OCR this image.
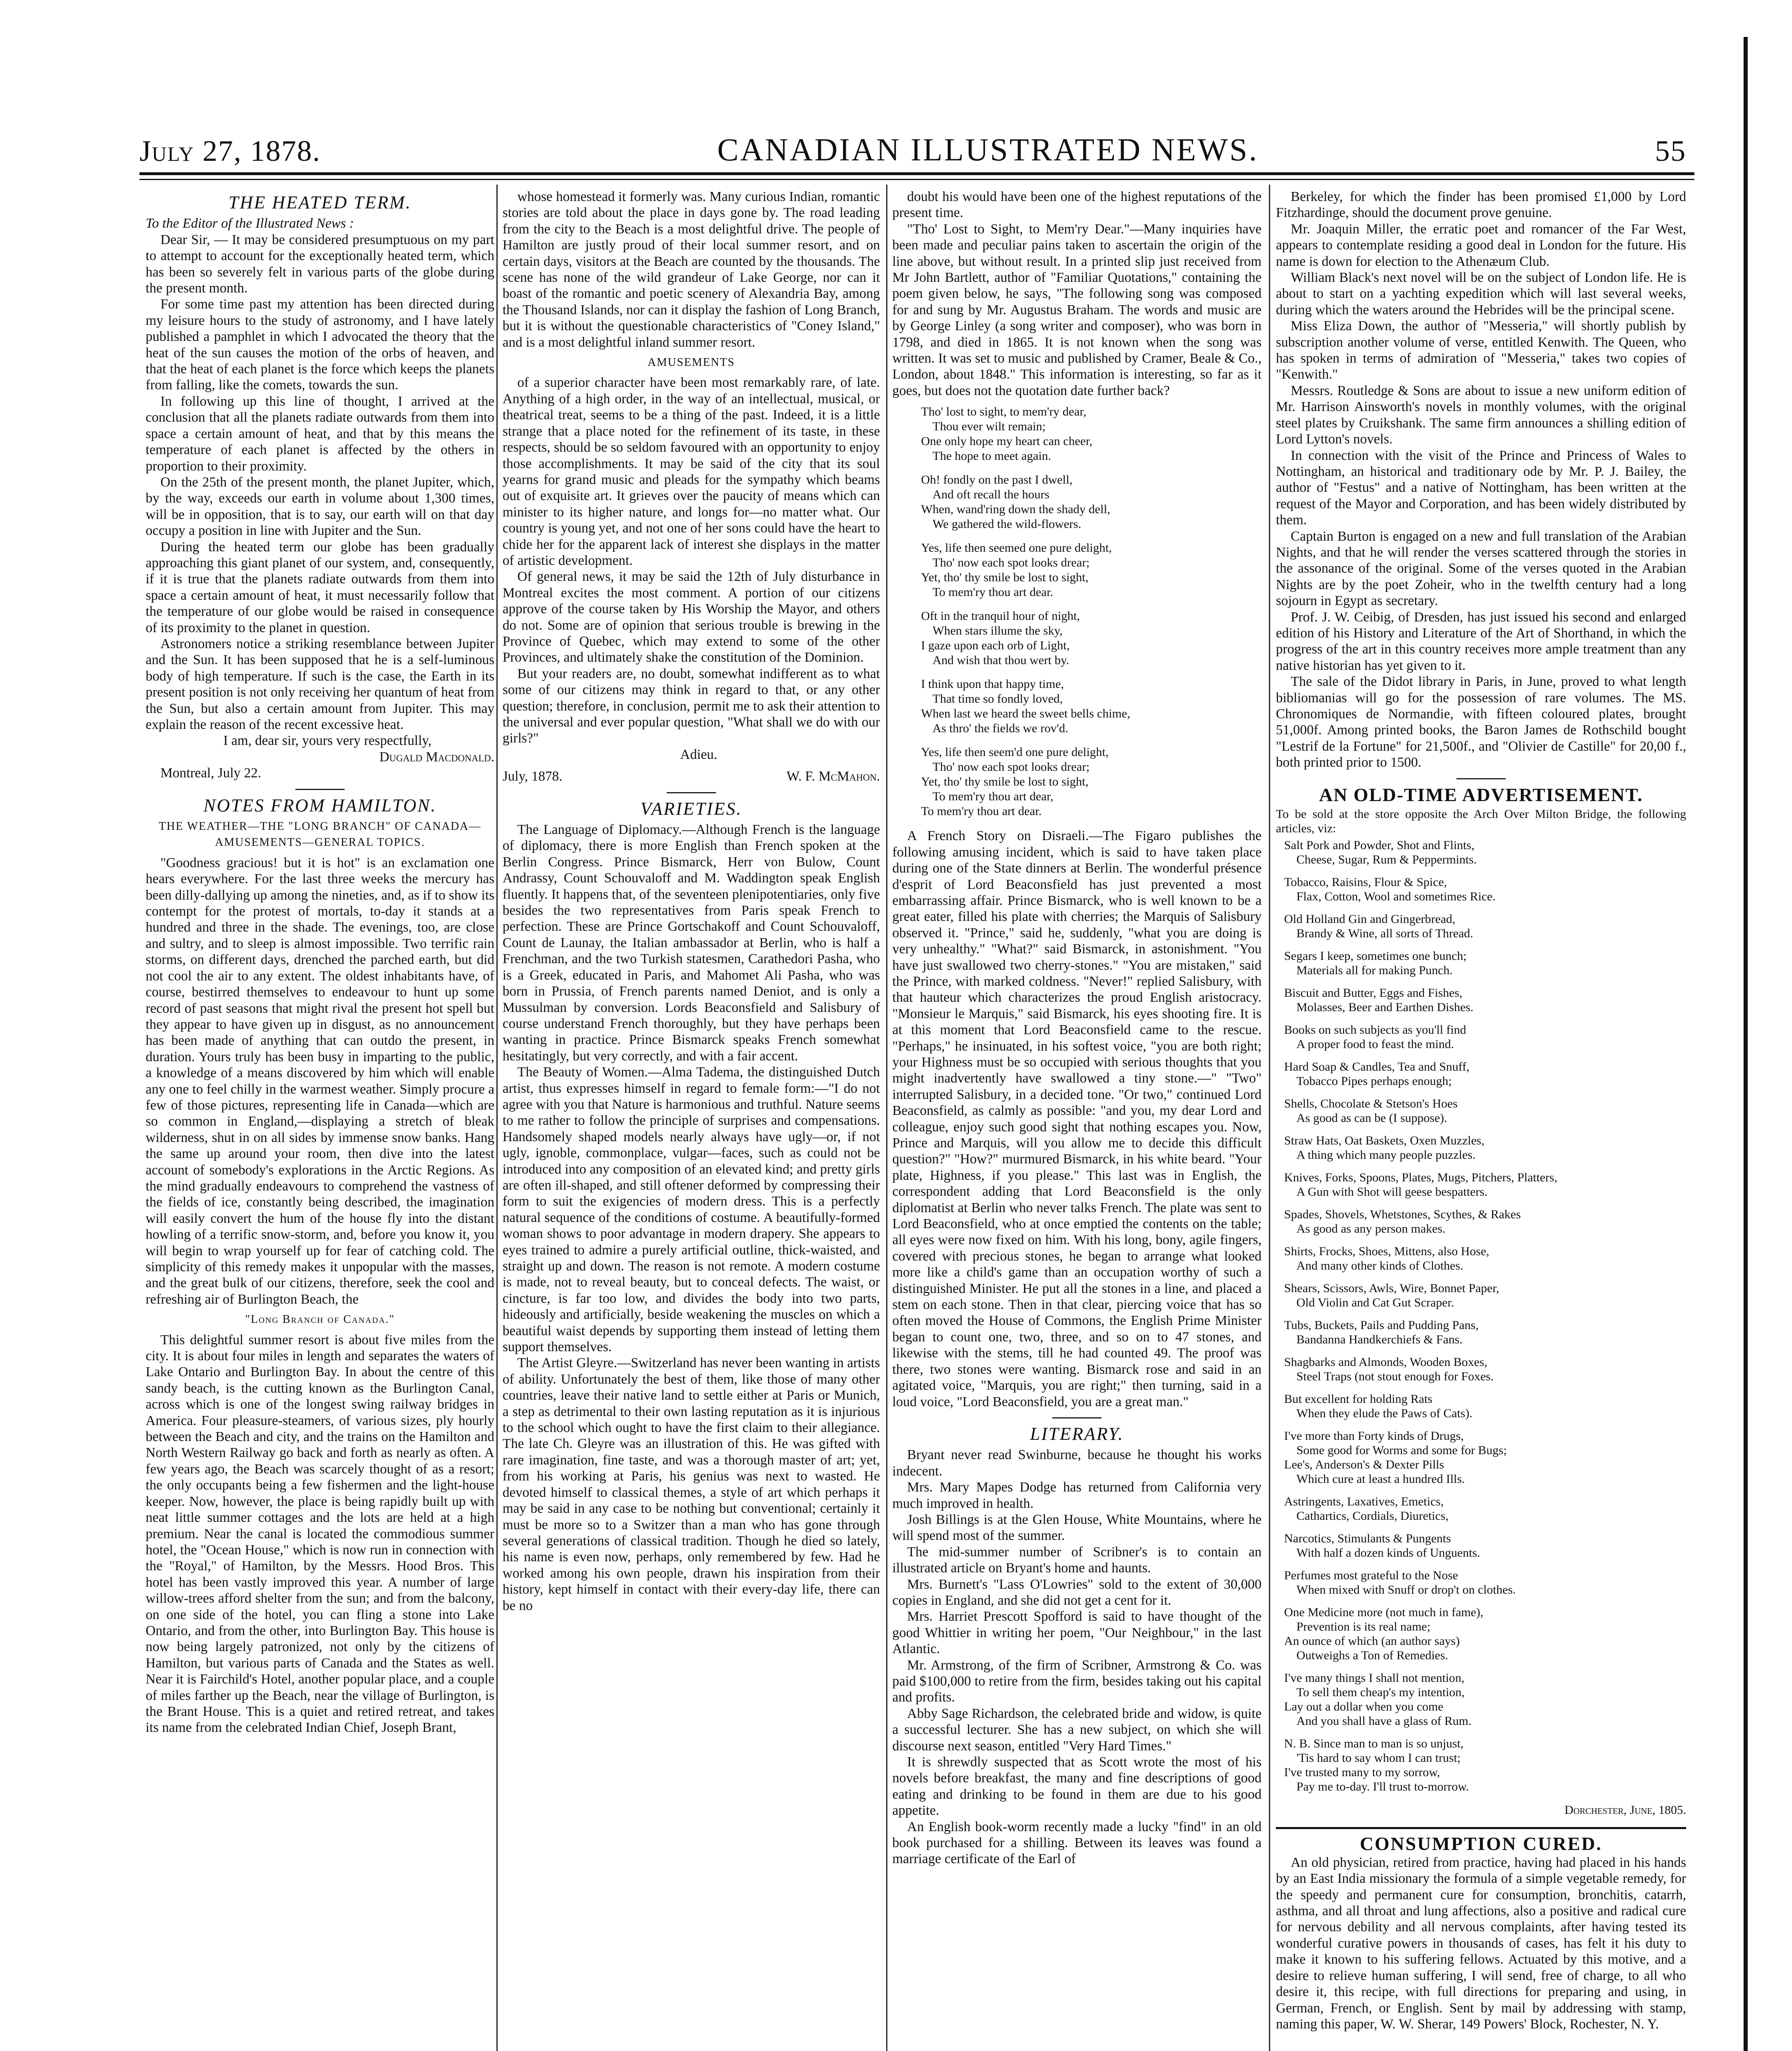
July 27, 1878.	CANADIAN ILLUSTRATED NEWS.	55
THE HEATED TERM.

To the Editor of the Illustrated News :

Dear Sir, — It may be considered presumptuous on my part to attempt to account for the exceptionally heated term, which has been so severely felt in various parts of the globe during the present month.

For some time past my attention has been directed during my leisure hours to the study of astronomy, and I have lately published a pamphlet in which I advocated the theory that the heat of the sun causes the motion of the orbs of heaven, and that the heat of each planet is the force which keeps the planets from falling, like the comets, towards the sun.

In following up this line of thought, I arrived at the conclusion that all the planets radiate outwards from them into space a certain amount of heat, and that by this means the temperature of each planet is affected by the others in proportion to their proximity.

On the 25th of the present month, the planet Jupiter, which, by the way, exceeds our earth in volume about 1,300 times, will be in opposition, that is to say, our earth will on that day occupy a position in line with Jupiter and the Sun.

During the heated term our globe has been gradually approaching this giant planet of our system, and, consequently, if it is true that the planets radiate outwards from them into space a certain amount of heat, it must necessarily follow that the temperature of our globe would be raised in consequence of its proximity to the planet in question.

Astronomers notice a striking resemblance between Jupiter and the Sun. It has been supposed that he is a self-luminous body of high temperature. If such is the case, the Earth in its present position is not only receiving her quantum of heat from the Sun, but also a certain amount from Jupiter. This may explain the reason of the recent excessive heat.

I am, dear sir, yours very respectfully,

Dugald Macdonald.

Montreal, July 22.

NOTES FROM HAMILTON.
THE WEATHER—THE "LONG BRANCH" OF CANADA—AMUSEMENTS—GENERAL TOPICS.

"Goodness gracious! but it is hot" is an exclamation one hears everywhere. For the last three weeks the mercury has been dilly-dallying up among the nineties, and, as if to show its contempt for the protest of mortals, to-day it stands at a hundred and three in the shade. The evenings, too, are close and sultry, and to sleep is almost impossible. Two terrific rain storms, on different days, drenched the parched earth, but did not cool the air to any extent. The oldest inhabitants have, of course, bestirred themselves to endeavour to hunt up some record of past seasons that might rival the present hot spell but they appear to have given up in disgust, as no announcement has been made of anything that can outdo the present, in duration. Yours truly has been busy in imparting to the public, a knowledge of a means discovered by him which will enable any one to feel chilly in the warmest weather. Simply procure a few of those pictures, representing life in Canada—which are so common in England,—displaying a stretch of bleak wilderness, shut in on all sides by immense snow banks. Hang the same up around your room, then dive into the latest account of somebody's explorations in the Arctic Regions. As the mind gradually endeavours to comprehend the vastness of the fields of ice, constantly being described, the imagination will easily convert the hum of the house fly into the distant howling of a terrific snow-storm, and, before you know it, you will begin to wrap yourself up for fear of catching cold. The simplicity of this remedy makes it unpopular with the masses, and the great bulk of our citizens, therefore, seek the cool and refreshing air of Burlington Beach, the

"Long Branch of Canada."

This delightful summer resort is about five miles from the city. It is about four miles in length and separates the waters of Lake Ontario and Burlington Bay. In about the centre of this sandy beach, is the cutting known as the Burlington Canal, across which is one of the longest swing railway bridges in America. Four pleasure-steamers, of various sizes, ply hourly between the Beach and city, and the trains on the Hamilton and North Western Railway go back and forth as nearly as often. A few years ago, the Beach was scarcely thought of as a resort; the only occupants being a few fishermen and the light-house keeper. Now, however, the place is being rapidly built up with neat little summer cottages and the lots are held at a high premium. Near the canal is located the commodious summer hotel, the "Ocean House," which is now run in connection with the "Royal," of Hamilton, by the Messrs. Hood Bros. This hotel has been vastly improved this year. A number of large willow-trees afford shelter from the sun; and from the balcony, on one side of the hotel, you can fling a stone into Lake Ontario, and from the other, into Burlington Bay. This house is now being largely patronized, not only by the citizens of Hamilton, but various parts of Canada and the States as well. Near it is Fairchild's Hotel, another popular place, and a couple of miles farther up the Beach, near the village of Burlington, is the Brant House. This is a quiet and retired retreat, and takes its name from the celebrated Indian Chief, Joseph Brant,

whose homestead it formerly was. Many curious Indian, romantic stories are told about the place in days gone by. The road leading from the city to the Beach is a most delightful drive. The people of Hamilton are justly proud of their local summer resort, and on certain days, visitors at the Beach are counted by the thousands. The scene has none of the wild grandeur of Lake George, nor can it boast of the romantic and poetic scenery of Alexandria Bay, among the Thousand Islands, nor can it display the fashion of Long Branch, but it is without the questionable characteristics of "Coney Island," and is a most delightful inland summer resort.

AMUSEMENTS

of a superior character have been most remarkably rare, of late. Anything of a high order, in the way of an intellectual, musical, or theatrical treat, seems to be a thing of the past. Indeed, it is a little strange that a place noted for the refinement of its taste, in these respects, should be so seldom favoured with an opportunity to enjoy those accomplishments. It may be said of the city that its soul yearns for grand music and pleads for the sympathy which beams out of exquisite art. It grieves over the paucity of means which can minister to its higher nature, and longs for—no matter what. Our country is young yet, and not one of her sons could have the heart to chide her for the apparent lack of interest she displays in the matter of artistic development.

Of general news, it may be said the 12th of July disturbance in Montreal excites the most comment. A portion of our citizens approve of the course taken by His Worship the Mayor, and others do not. Some are of opinion that serious trouble is brewing in the Province of Quebec, which may extend to some of the other Provinces, and ultimately shake the constitution of the Dominion.

But your readers are, no doubt, somewhat indifferent as to what some of our citizens may think in regard to that, or any other question; therefore, in conclusion, permit me to ask their attention to the universal and ever popular question, "What shall we do with our girls?"

Adieu.

July, 1878.	W. F. McMahon.
VARIETIES.

The Language of Diplomacy.—Although French is the language of diplomacy, there is more English than French spoken at the Berlin Congress. Prince Bismarck, Herr von Bulow, Count Andrassy, Count Schouvaloff and M. Waddington speak English fluently. It happens that, of the seventeen plenipotentiaries, only five besides the two representatives from Paris speak French to perfection. These are Prince Gortschakoff and Count Schouvaloff, Count de Launay, the Italian ambassador at Berlin, who is half a Frenchman, and the two Turkish statesmen, Carathedori Pasha, who is a Greek, educated in Paris, and Mahomet Ali Pasha, who was born in Prussia, of French parents named Deniot, and is only a Mussulman by conversion. Lords Beaconsfield and Salisbury of course understand French thoroughly, but they have perhaps been wanting in practice. Prince Bismarck speaks French somewhat hesitatingly, but very correctly, and with a fair accent.

The Beauty of Women.—Alma Tadema, the distinguished Dutch artist, thus expresses himself in regard to female form:—"I do not agree with you that Nature is harmonious and truthful. Nature seems to me rather to follow the principle of surprises and compensations. Handsomely shaped models nearly always have ugly—or, if not ugly, ignoble, commonplace, vulgar—faces, such as could not be introduced into any composition of an elevated kind; and pretty girls are often ill-shaped, and still oftener deformed by compressing their form to suit the exigencies of modern dress. This is a perfectly natural sequence of the conditions of costume. A beautifully-formed woman shows to poor advantage in modern drapery. She appears to eyes trained to admire a purely artificial outline, thick-waisted, and straight up and down. The reason is not remote. A modern costume is made, not to reveal beauty, but to conceal defects. The waist, or cincture, is far too low, and divides the body into two parts, hideously and artificially, beside weakening the muscles on which a beautiful waist depends by supporting them instead of letting them support themselves.

The Artist Gleyre.—Switzerland has never been wanting in artists of ability. Unfortunately the best of them, like those of many other countries, leave their native land to settle either at Paris or Munich, a step as detrimental to their own lasting reputation as it is injurious to the school which ought to have the first claim to their allegiance. The late Ch. Gleyre was an illustration of this. He was gifted with rare imagination, fine taste, and was a thorough master of art; yet, from his working at Paris, his genius was next to wasted. He devoted himself to classical themes, a style of art which perhaps it may be said in any case to be nothing but conventional; certainly it must be more so to a Switzer than a man who has gone through several generations of classical tradition. Though he died so lately, his name is even now, perhaps, only remembered by few. Had he worked among his own people, drawn his inspiration from their history, kept himself in contact with their every-day life, there can be no

doubt his would have been one of the highest reputations of the present time.

"Tho' Lost to Sight, to Mem'ry Dear."—Many inquiries have been made and peculiar pains taken to ascertain the origin of the line above, but without result. In a printed slip just received from Mr John Bartlett, author of "Familiar Quotations," containing the poem given below, he says, "The following song was composed for and sung by Mr. Augustus Braham. The words and music are by George Linley (a song writer and composer), who was born in 1798, and died in 1865. It is not known when the song was written. It was set to music and published by Cramer, Beale & Co., London, about 1848." This information is interesting, so far as it goes, but does not the quotation date further back?

Tho' lost to sight, to mem'ry dear,
Thou ever wilt remain;
One only hope my heart can cheer,
The hope to meet again.
Oh! fondly on the past I dwell,
And oft recall the hours
When, wand'ring down the shady dell,
We gathered the wild-flowers.
Yes, life then seemed one pure delight,
Tho' now each spot looks drear;
Yet, tho' thy smile be lost to sight,
To mem'ry thou art dear.
Oft in the tranquil hour of night,
When stars illume the sky,
I gaze upon each orb of Light,
And wish that thou wert by.
I think upon that happy time,
That time so fondly loved,
When last we heard the sweet bells chime,
As thro' the fields we rov'd.
Yes, life then seem'd one pure delight,
Tho' now each spot looks drear;
Yet, tho' thy smile be lost to sight,
To mem'ry thou art dear,
To mem'ry thou art dear.

A French Story on Disraeli.—The Figaro publishes the following amusing incident, which is said to have taken place during one of the State dinners at Berlin. The wonderful présence d'esprit of Lord Beaconsfield has just prevented a most embarrassing affair. Prince Bismarck, who is well known to be a great eater, filled his plate with cherries; the Marquis of Salisbury observed it. "Prince," said he, suddenly, "what you are doing is very unhealthy." "What?" said Bismarck, in astonishment. "You have just swallowed two cherry-stones." "You are mistaken," said the Prince, with marked coldness. "Never!" replied Salisbury, with that hauteur which characterizes the proud English aristocracy. "Monsieur le Marquis," said Bismarck, his eyes shooting fire. It is at this moment that Lord Beaconsfield came to the rescue. "Perhaps," he insinuated, in his softest voice, "you are both right; your Highness must be so occupied with serious thoughts that you might inadvertently have swallowed a tiny stone.—" "Two" interrupted Salisbury, in a decided tone. "Or two," continued Lord Beaconsfield, as calmly as possible: "and you, my dear Lord and colleague, enjoy such good sight that nothing escapes you. Now, Prince and Marquis, will you allow me to decide this difficult question?" "How?" murmured Bismarck, in his white beard. "Your plate, Highness, if you please." This last was in English, the correspondent adding that Lord Beaconsfield is the only diplomatist at Berlin who never talks French. The plate was sent to Lord Beaconsfield, who at once emptied the contents on the table; all eyes were now fixed on him. With his long, bony, agile fingers, covered with precious stones, he began to arrange what looked more like a child's game than an occupation worthy of such a distinguished Minister. He put all the stones in a line, and placed a stem on each stone. Then in that clear, piercing voice that has so often moved the House of Commons, the English Prime Minister began to count one, two, three, and so on to 47 stones, and likewise with the stems, till he had counted 49. The proof was there, two stones were wanting. Bismarck rose and said in an agitated voice, "Marquis, you are right;" then turning, said in a loud voice, "Lord Beaconsfield, you are a great man."

LITERARY.

Bryant never read Swinburne, because he thought his works indecent.

Mrs. Mary Mapes Dodge has returned from California very much improved in health.

Josh Billings is at the Glen House, White Mountains, where he will spend most of the summer.

The mid-summer number of Scribner's is to contain an illustrated article on Bryant's home and haunts.

Mrs. Burnett's "Lass O'Lowries" sold to the extent of 30,000 copies in England, and she did not get a cent for it.

Mrs. Harriet Prescott Spofford is said to have thought of the good Whittier in writing her poem, "Our Neighbour," in the last Atlantic.

Mr. Armstrong, of the firm of Scribner, Armstrong & Co. was paid $100,000 to retire from the firm, besides taking out his capital and profits.

Abby Sage Richardson, the celebrated bride and widow, is quite a successful lecturer. She has a new subject, on which she will discourse next season, entitled "Very Hard Times."

It is shrewdly suspected that as Scott wrote the most of his novels before breakfast, the many and fine descriptions of good eating and drinking to be found in them are due to his good appetite.

An English book-worm recently made a lucky "find" in an old book purchased for a shilling. Between its leaves was found a marriage certificate of the Earl of

Berkeley, for which the finder has been promised £1,000 by Lord Fitzhardinge, should the document prove genuine.

Mr. Joaquin Miller, the erratic poet and romancer of the Far West, appears to contemplate residing a good deal in London for the future. His name is down for election to the Athenæum Club.

William Black's next novel will be on the subject of London life. He is about to start on a yachting expedition which will last several weeks, during which the waters around the Hebrides will be the principal scene.

Miss Eliza Down, the author of "Messeria," will shortly publish by subscription another volume of verse, entitled Kenwith. The Queen, who has spoken in terms of admiration of "Messeria," takes two copies of "Kenwith."

Messrs. Routledge & Sons are about to issue a new uniform edition of Mr. Harrison Ainsworth's novels in monthly volumes, with the original steel plates by Cruikshank. The same firm announces a shilling edition of Lord Lytton's novels.

In connection with the visit of the Prince and Princess of Wales to Nottingham, an historical and traditionary ode by Mr. P. J. Bailey, the author of "Festus" and a native of Nottingham, has been written at the request of the Mayor and Corporation, and has been widely distributed by them.

Captain Burton is engaged on a new and full translation of the Arabian Nights, and that he will render the verses scattered through the stories in the assonance of the original. Some of the verses quoted in the Arabian Nights are by the poet Zoheir, who in the twelfth century had a long sojourn in Egypt as secretary.

Prof. J. W. Ceibig, of Dresden, has just issued his second and enlarged edition of his History and Literature of the Art of Shorthand, in which the progress of the art in this country receives more ample treatment than any native historian has yet given to it.

The sale of the Didot library in Paris, in June, proved to what length bibliomanias will go for the possession of rare volumes. The MS. Chronomiques de Normandie, with fifteen coloured plates, brought 51,000f. Among printed books, the Baron James de Rothschild bought "Lestrif de la Fortune" for 21,500f., and "Olivier de Castille" for 20,00 f., both printed prior to 1500.

AN OLD-TIME ADVERTISEMENT.

To be sold at the store opposite the Arch Over Milton Bridge, the following articles, viz:

Salt Pork and Powder, Shot and Flints,
Cheese, Sugar, Rum & Peppermints.
Tobacco, Raisins, Flour & Spice,
Flax, Cotton, Wool and sometimes Rice.
Old Holland Gin and Gingerbread,
Brandy & Wine, all sorts of Thread.
Segars I keep, sometimes one bunch;
Materials all for making Punch.
Biscuit and Butter, Eggs and Fishes,
Molasses, Beer and Earthen Dishes.
Books on such subjects as you'll find
A proper food to feast the mind.
Hard Soap & Candles, Tea and Snuff,
Tobacco Pipes perhaps enough;
Shells, Chocolate & Stetson's Hoes
As good as can be (I suppose).
Straw Hats, Oat Baskets, Oxen Muzzles,
A thing which many people puzzles.
Knives, Forks, Spoons, Plates, Mugs, Pitchers, Platters,
A Gun with Shot will geese bespatters.
Spades, Shovels, Whetstones, Scythes, & Rakes
As good as any person makes.
Shirts, Frocks, Shoes, Mittens, also Hose,
And many other kinds of Clothes.
Shears, Scissors, Awls, Wire, Bonnet Paper,
Old Violin and Cat Gut Scraper.
Tubs, Buckets, Pails and Pudding Pans,
Bandanna Handkerchiefs & Fans.
Shagbarks and Almonds, Wooden Boxes,
Steel Traps (not stout enough for Foxes.
But excellent for holding Rats
When they elude the Paws of Cats).
I've more than Forty kinds of Drugs,
Some good for Worms and some for Bugs;
Lee's, Anderson's & Dexter Pills
Which cure at least a hundred Ills.
Astringents, Laxatives, Emetics,
Cathartics, Cordials, Diuretics,
Narcotics, Stimulants & Pungents
With half a dozen kinds of Unguents.
Perfumes most grateful to the Nose
When mixed with Snuff or drop't on clothes.
One Medicine more (not much in fame),
Prevention is its real name;
An ounce of which (an author says)
Outweighs a Ton of Remedies.
I've many things I shall not mention,
To sell them cheap's my intention,
Lay out a dollar when you come
And you shall have a glass of Rum.
N. B. Since man to man is so unjust,
'Tis hard to say whom I can trust;
I've trusted many to my sorrow,
Pay me to-day. I'll trust to-morrow.

Dorchester, June, 1805.

CONSUMPTION CURED.

An old physician, retired from practice, having had placed in his hands by an East India missionary the formula of a simple vegetable remedy, for the speedy and permanent cure for consumption, bronchitis, catarrh, asthma, and all throat and lung affections, also a positive and radical cure for nervous debility and all nervous complaints, after having tested its wonderful curative powers in thousands of cases, has felt it his duty to make it known to his suffering fellows. Actuated by this motive, and a desire to relieve human suffering, I will send, free of charge, to all who desire it, this recipe, with full directions for preparing and using, in German, French, or English. Sent by mail by addressing with stamp, naming this paper, W. W. Sherar, 149 Powers' Block, Rochester, N. Y.
